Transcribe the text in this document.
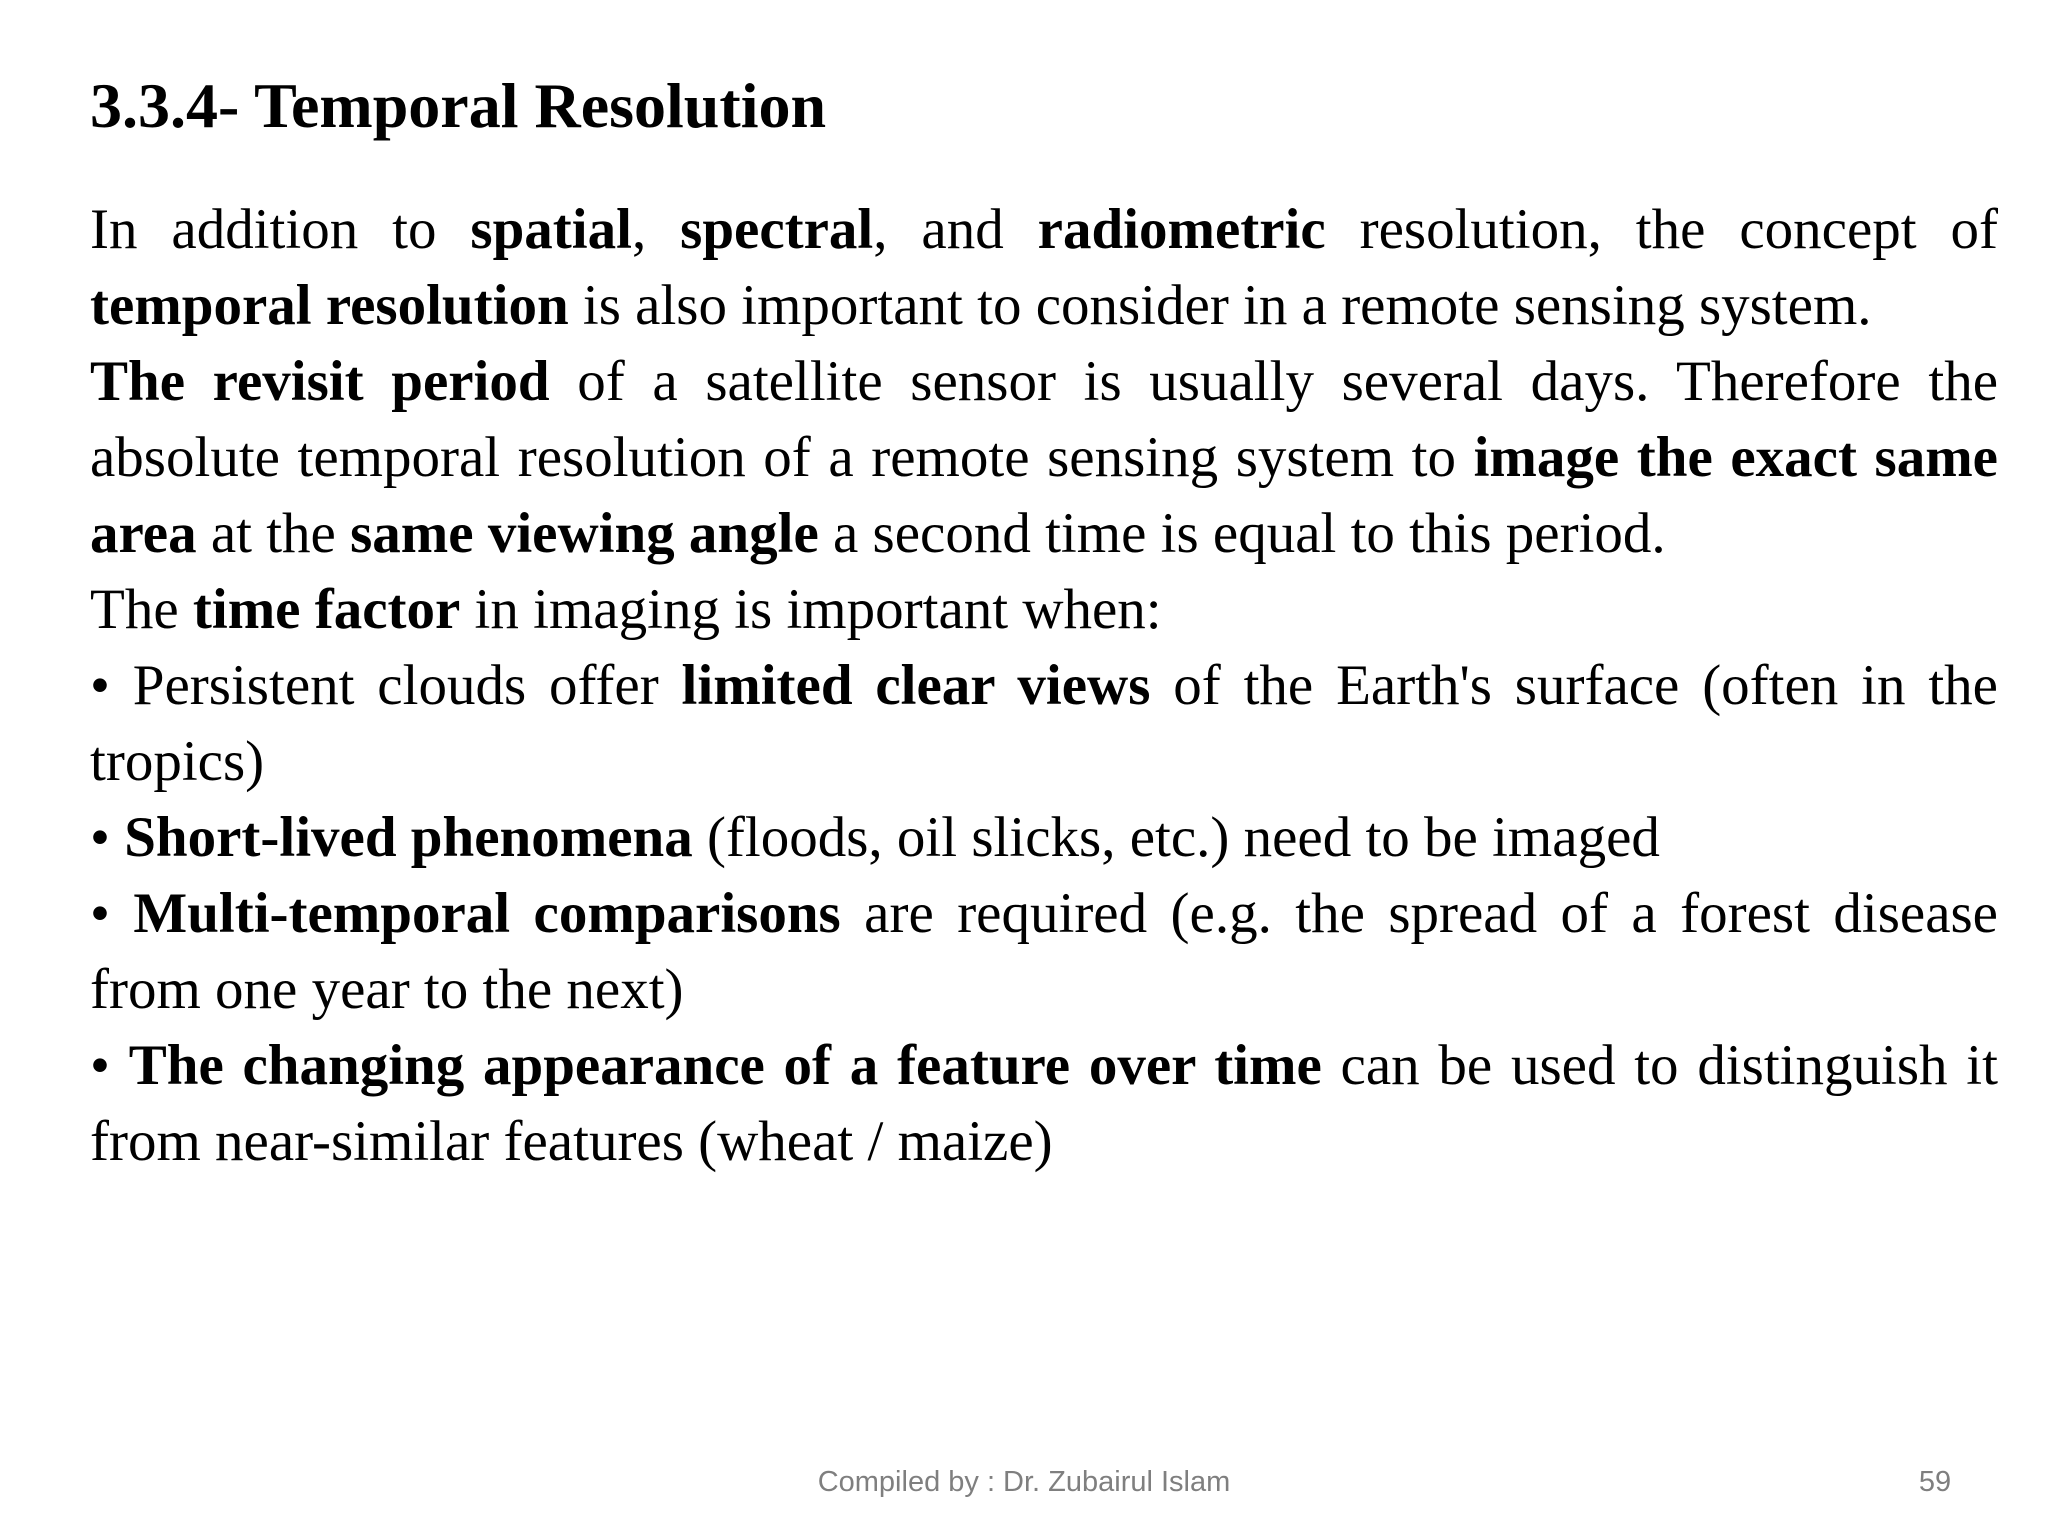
3.3.4- Temporal Resolution

In addition to spatial, spectral, and radiometric resolution, the concept of temporal resolution is also important to consider in a remote sensing system.

The revisit period of a satellite sensor is usually several days. Therefore the absolute temporal resolution of a remote sensing system to image the exact same area at the same viewing angle a second time is equal to this period.

The time factor in imaging is important when:

• Persistent clouds offer limited clear views of the Earth's surface (often in the tropics)

• Short-lived phenomena (floods, oil slicks, etc.) need to be imaged

• Multi-temporal comparisons are required (e.g. the spread of a forest disease from one year to the next)

• The changing appearance of a feature over time can be used to distinguish it from near-similar features (wheat / maize)

Compiled by : Dr. Zubairul Islam	59
